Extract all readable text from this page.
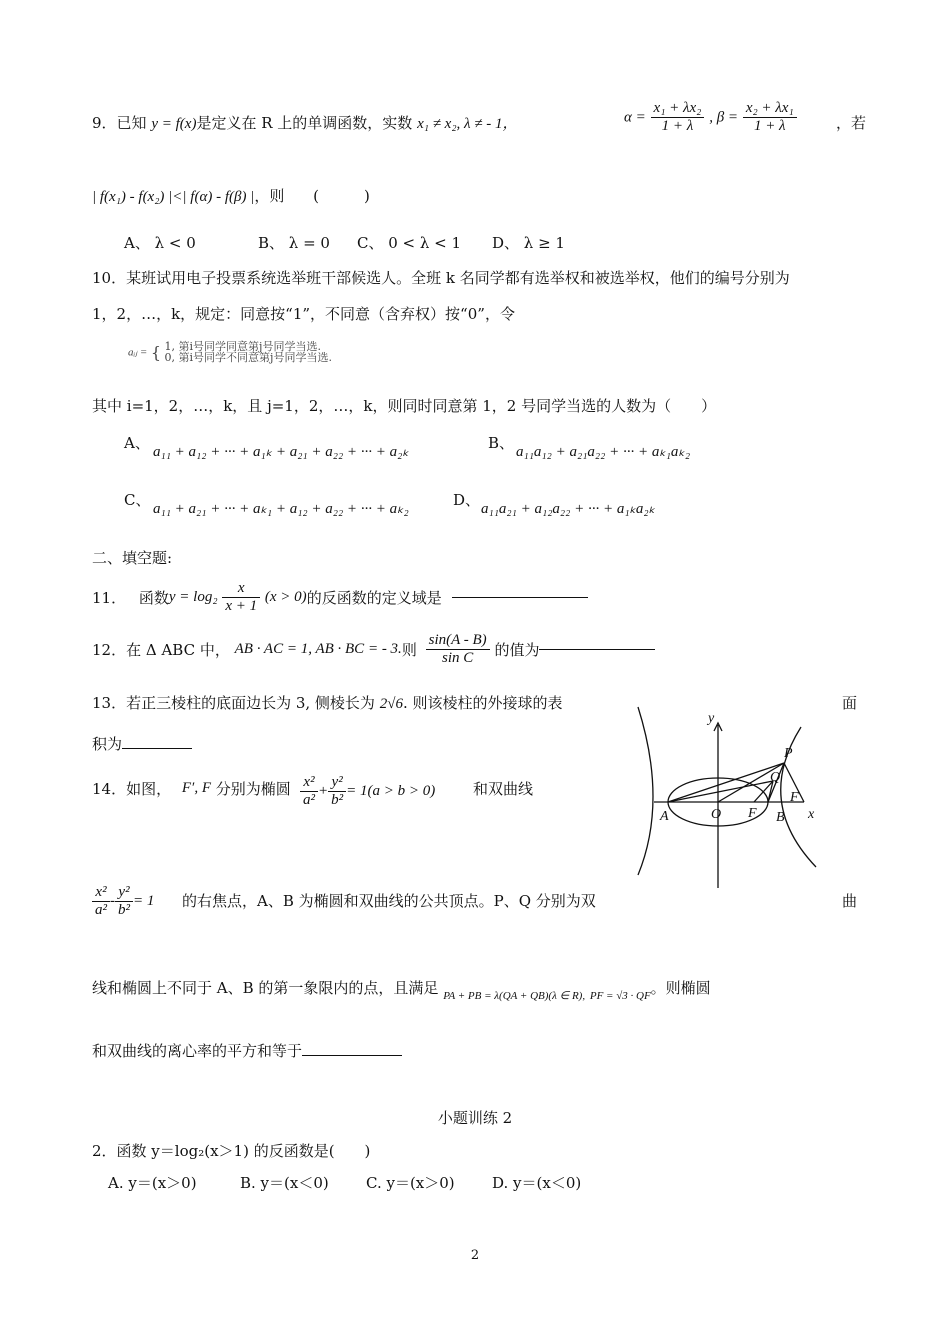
9．已知 y = f(x)是定义在 R 上的单调函数，实数 x₁ ≠ x₂, λ ≠ - 1，	$\alpha = \frac{\text{x₁ + λx₂}}{1 + \lambda}$ , $\beta = \frac{\text{x₂ + λx₁}}{1 + \lambda}$	，若
| f(x₁) - f(x₂) |<| f(α) - f(β) |，则 (　　　)
A、 λ < 0	B、 λ = 0 C、 0 < λ < 1 D、 λ ≥ 1
10．某班试用电子投票系统选举班干部候选人。全班 k 名同学都有选举权和被选举权，他们的编号分别为
1，2，…，k，规定：同意按“1”，不同意（含弃权）按“0”，令
aᵢⱼ = { 1, 第i号同学同意第j号同学当选.
0, 第i号同学不同意第j号同学当选.
其中 i=1，2，…，k，且 j=1，2，…，k，则同时同意第 1，2 号同学当选的人数为（　　）
A、 a₁₁ + a₁₂ + ··· + a₁ₖ + a₂₁ + a₂₂ + ··· + a₂ₖ	B、 a₁₁a₁₂ + a₂₁a₂₂ + ··· + aₖ₁aₖ₂
C、 a₁₁ + a₂₁ + ··· + aₖ₁ + a₁₂ + a₂₂ + ··· + aₖ₂	D、 a₁₁a₂₁ + a₁₂a₂₂ + ··· + a₁ₖa₂ₖ
二、填空题:
11． 函数$y = \log_2 \frac{x}{x + 1} (x > 0)$的反函数的定义域是
12．在 Δ ABC 中， AB · AC = 1, AB · BC = - 3.则 $\frac{\sin(A - B)}{\text{sin C}}$ 的值为
13．若正三棱柱的底面边长为 3, 侧棱长为 2√6. 则该棱柱的外接球的表	面
积为
14．如图， F′, F 分别为椭圆 $\frac{\text{x²}}{\text{a²}} + \frac{\text{y²}}{\text{b²}} = 1(a > b > 0)$	和双曲线
$\frac{\text{x²}}{\text{a²}} - \frac{\text{y²}}{\text{b²}} = 1$ 的右焦点，A、B 为椭圆和双曲线的公共顶点。P、Q 分别为双	曲
线和椭圆上不同于 A、B 的第一象限内的点，且满足 $_{PA + PB = \lambda(QA + QB)(\lambda \in R),}$ $_{PF = √3 \cdot QF}$。则椭圆
和双曲线的离心率的平方和等于
y
x
P
Q
A	O F B
F
小题训练 2
2．函数 y＝log₂(x＞1) 的反函数是(　　)
A. y＝(x＞0)	B. y＝(x＜0) C. y＝(x＞0) D. y＝(x＜0)
2
